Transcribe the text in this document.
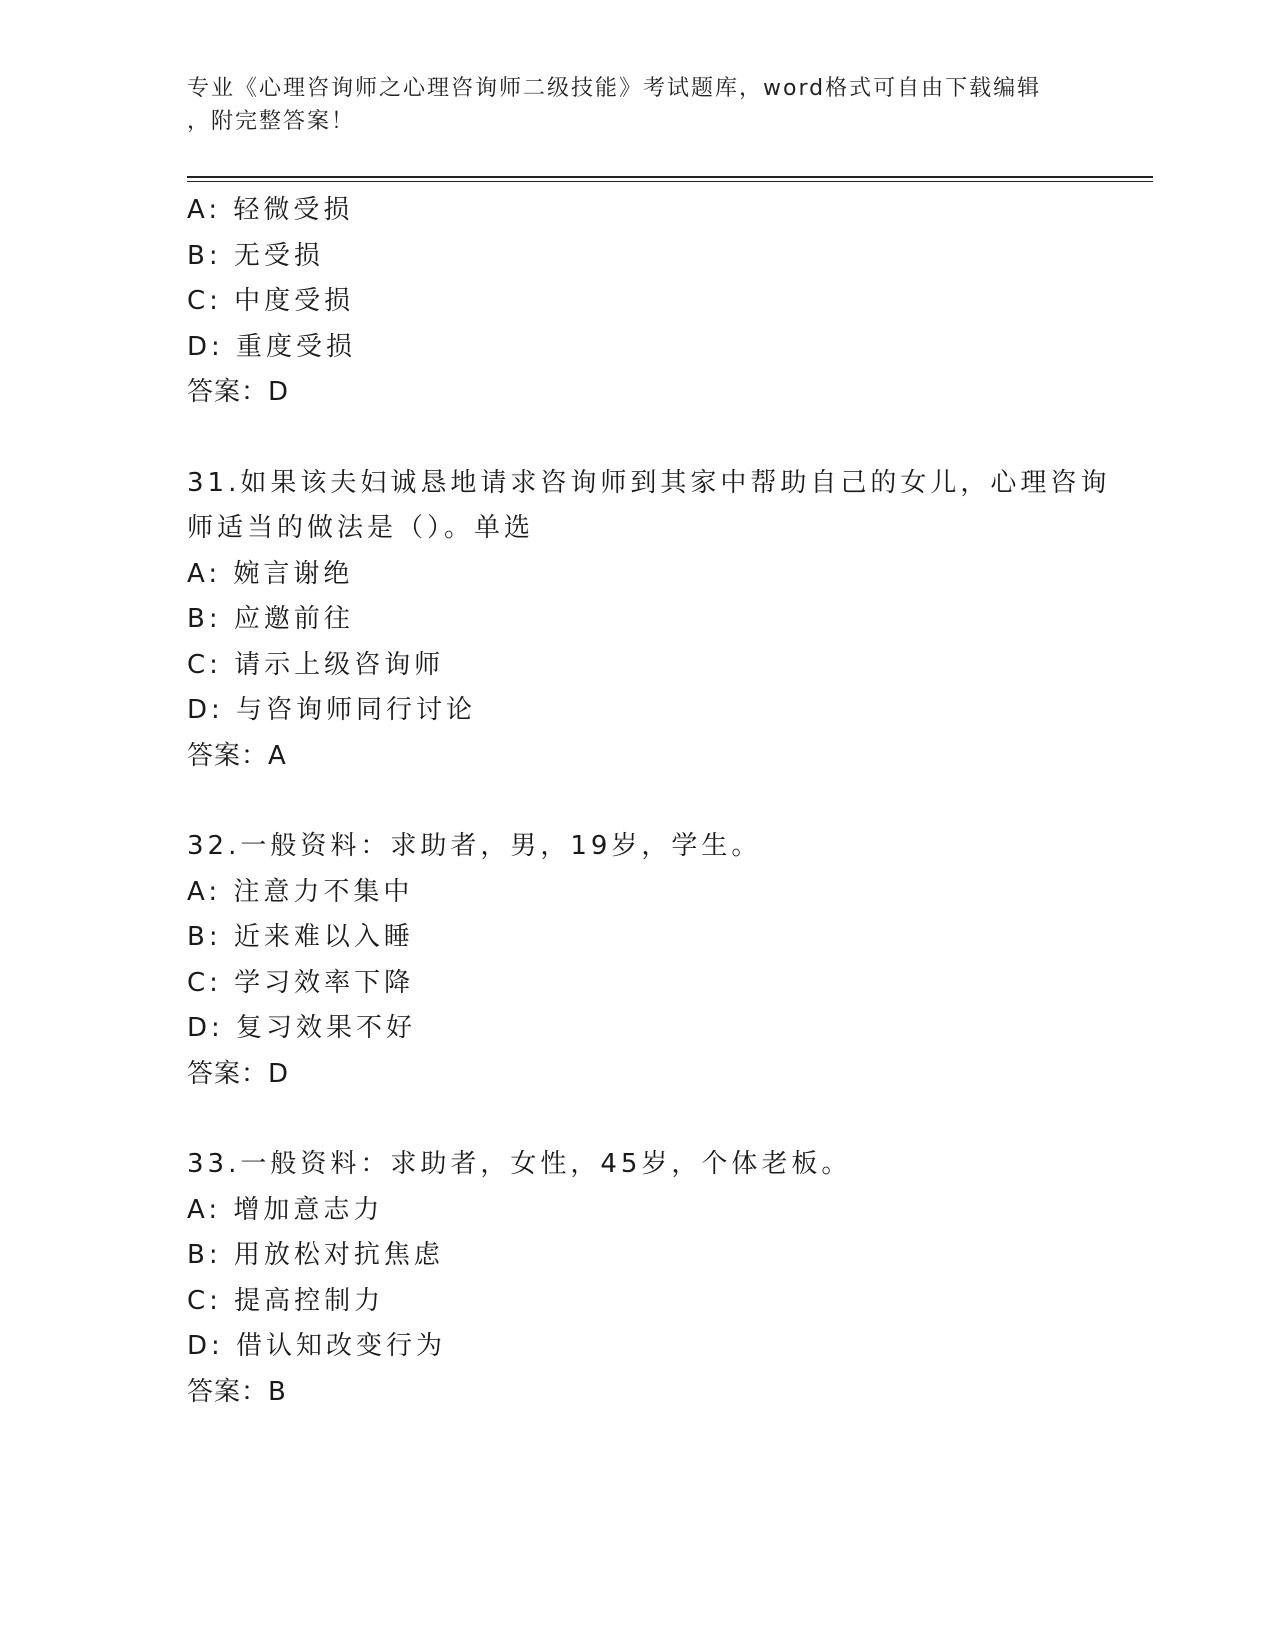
专业《心理咨询师之心理咨询师二级技能》考试题库，word格式可自由下载编辑
，附完整答案！
A: 轻微受损
B: 无受损
C: 中度受损
D: 重度受损
答案：D
31.如果该夫妇诚恳地请求咨询师到其家中帮助自己的女儿，心理咨询
师适当的做法是（）。单选
A: 婉言谢绝
B: 应邀前往
C: 请示上级咨询师
D: 与咨询师同行讨论
答案：A
32.一般资料：求助者，男，19岁，学生。
A: 注意力不集中
B: 近来难以入睡
C: 学习效率下降
D: 复习效果不好
答案：D
33.一般资料：求助者，女性，45岁，个体老板。
A: 增加意志力
B: 用放松对抗焦虑
C: 提高控制力
D: 借认知改变行为
答案：B
